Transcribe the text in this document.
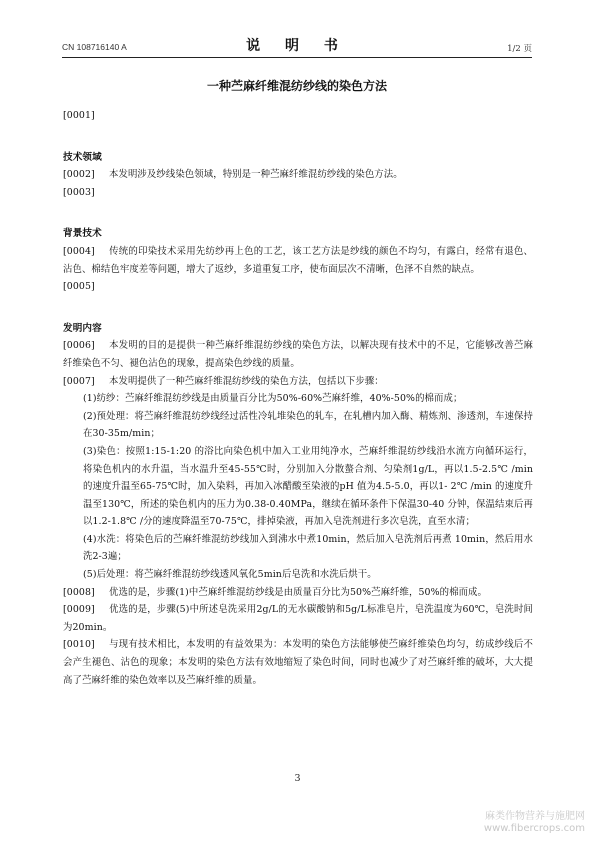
CN 108716140 A	说 明 书	1/2 页
一种苎麻纤维混纺纱线的染色方法
[0001]
技术领域
[0002] 本发明涉及纱线染色领域，特别是一种苎麻纤维混纺纱线的染色方法。
[0003]
背景技术
[0004] 传统的印染技术采用先纺纱再上色的工艺，该工艺方法是纱线的颜色不均匀，有露白，经常有退色、沾色、棉结色牢度差等问题，增大了返纱，多道重复工序，使布面层次不清晰，色泽不自然的缺点。
[0005]
发明内容
[0006] 本发明的目的是提供一种苎麻纤维混纺纱线的染色方法，以解决现有技术中的不足，它能够改善苎麻纤维染色不匀、褪色沾色的现象，提高染色纱线的质量。
[0007] 本发明提供了一种苎麻纤维混纺纱线的染色方法，包括以下步骤：
(1)纺纱：苎麻纤维混纺纱线是由质量百分比为50%-60%苎麻纤维，40%-50%的棉而成；
(2)预处理：将苎麻纤维混纺纱线经过活性冷轧堆染色的轧车，在轧槽内加入酶、精炼剂、渗透剂，车速保持在30-35m/min；
(3)染色：按照1:15-1:20 的浴比向染色机中加入工业用纯净水，苎麻纤维混纺纱线沿水流方向循环运行，将染色机内的水升温，当水温升至45-55℃时，分别加入分散螯合剂、匀染剂1g/L，再以1.5-2.5℃ /min 的速度升温至65-75℃时，加入染料，再加入冰醋酸至染液的pH 值为4.5-5.0，再以1- 2℃ /min 的速度升温至130℃，所述的染色机内的压力为0.38-0.40MPa，继续在循环条件下保温30-40 分钟，保温结束后再以1.2-1.8℃ /分的速度降温至70-75℃，排掉染液，再加入皂洗剂进行多次皂洗，直至水清；
(4)水洗：将染色后的苎麻纤维混纺纱线加入到沸水中煮10min，然后加入皂洗剂后再煮 10min，然后用水洗2-3遍；
(5)后处理：将苎麻纤维混纺纱线透风氧化5min后皂洗和水洗后烘干。
[0008] 优选的是，步骤(1)中苎麻纤维混纺纱线是由质量百分比为50%苎麻纤维，50%的棉而成。
[0009] 优选的是，步骤(5)中所述皂洗采用2g/L的无水碳酸钠和5g/L标准皂片，皂洗温度为60℃，皂洗时间为20min。
[0010] 与现有技术相比，本发明的有益效果为：本发明的染色方法能够使苎麻纤维染色均匀，纺成纱线后不会产生褪色、沾色的现象；本发明的染色方法有效地缩短了染色时间，同时也减少了对苎麻纤维的破坏，大大提高了苎麻纤维的染色效率以及苎麻纤维的质量。
3
麻类作物营养与施肥网
www.fibercrops.com
